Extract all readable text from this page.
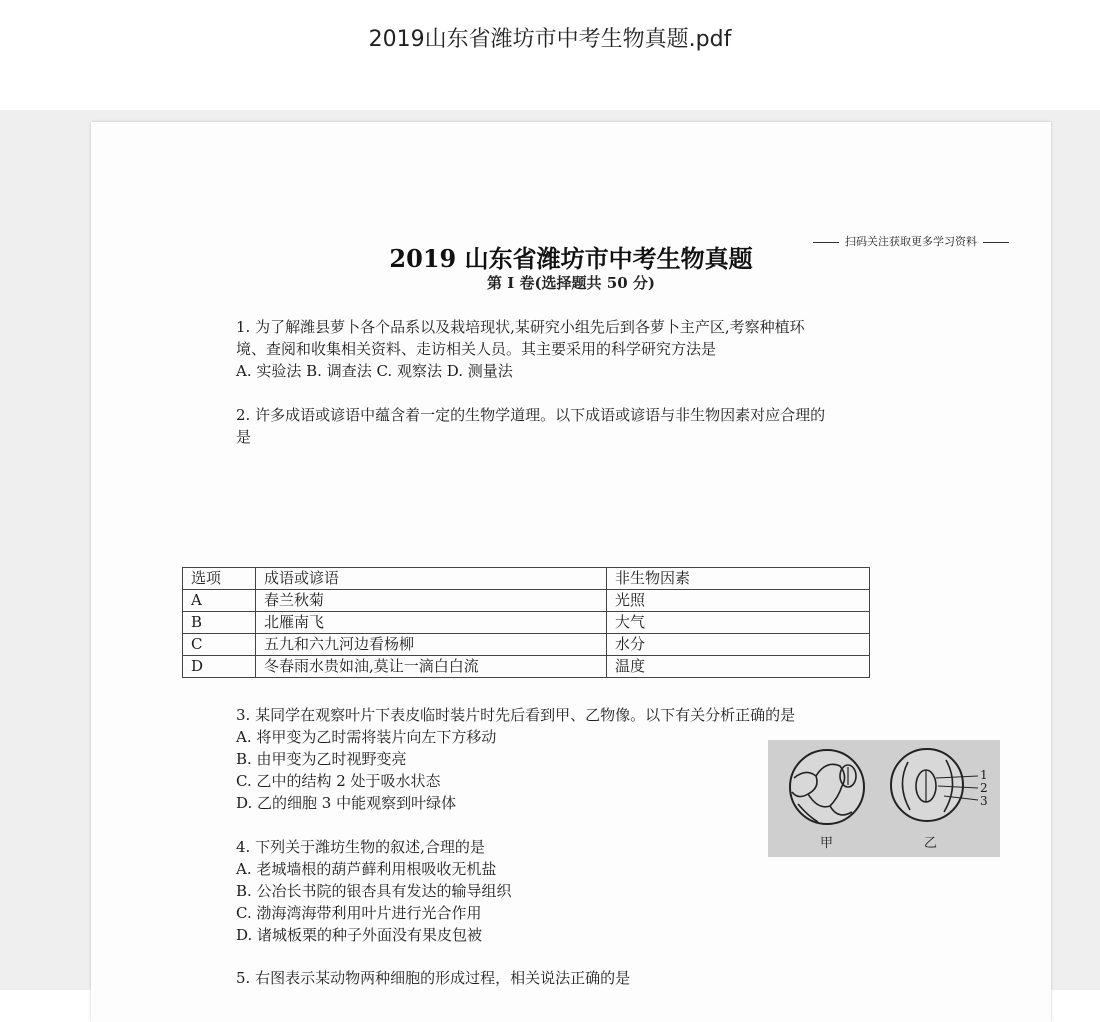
2019山东省潍坊市中考生物真题.pdf
扫码关注获取更多学习资料
2019 山东省潍坊市中考生物真题
第 I 卷(选择题共 50 分)

1. 为了解潍县萝卜各个品系以及栽培现状,某研究小组先后到各萝卜主产区,考察种植环

境、查阅和收集相关资料、走访相关人员。其主要采用的科学研究方法是

A. 实验法 B. 调查法 C. 观察法 D. 测量法

2. 许多成语或谚语中蕴含着一定的生物学道理。以下成语或谚语与非生物因素对应合理的

是

选项	成语或谚语	非生物因素
A	春兰秋菊	光照
B	北雁南飞	大气
C	五九和六九河边看杨柳	水分
D	冬春雨水贵如油,莫让一滴白白流	温度

3. 某同学在观察叶片下表皮临时装片时先后看到甲、乙物像。以下有关分析正确的是

A. 将甲变为乙时需将装片向左下方移动

B. 由甲变为乙时视野变亮

C. 乙中的结构 2 处于吸水状态

D. 乙的细胞 3 中能观察到叶绿体

1
2
3
甲	乙

4. 下列关于潍坊生物的叙述,合理的是

A. 老城墙根的葫芦藓利用根吸收无机盐

B. 公冶长书院的银杏具有发达的输导组织

C. 渤海湾海带利用叶片进行光合作用

D. 诸城板栗的种子外面没有果皮包被

5. 右图表示某动物两种细胞的形成过程，相关说法正确的是
